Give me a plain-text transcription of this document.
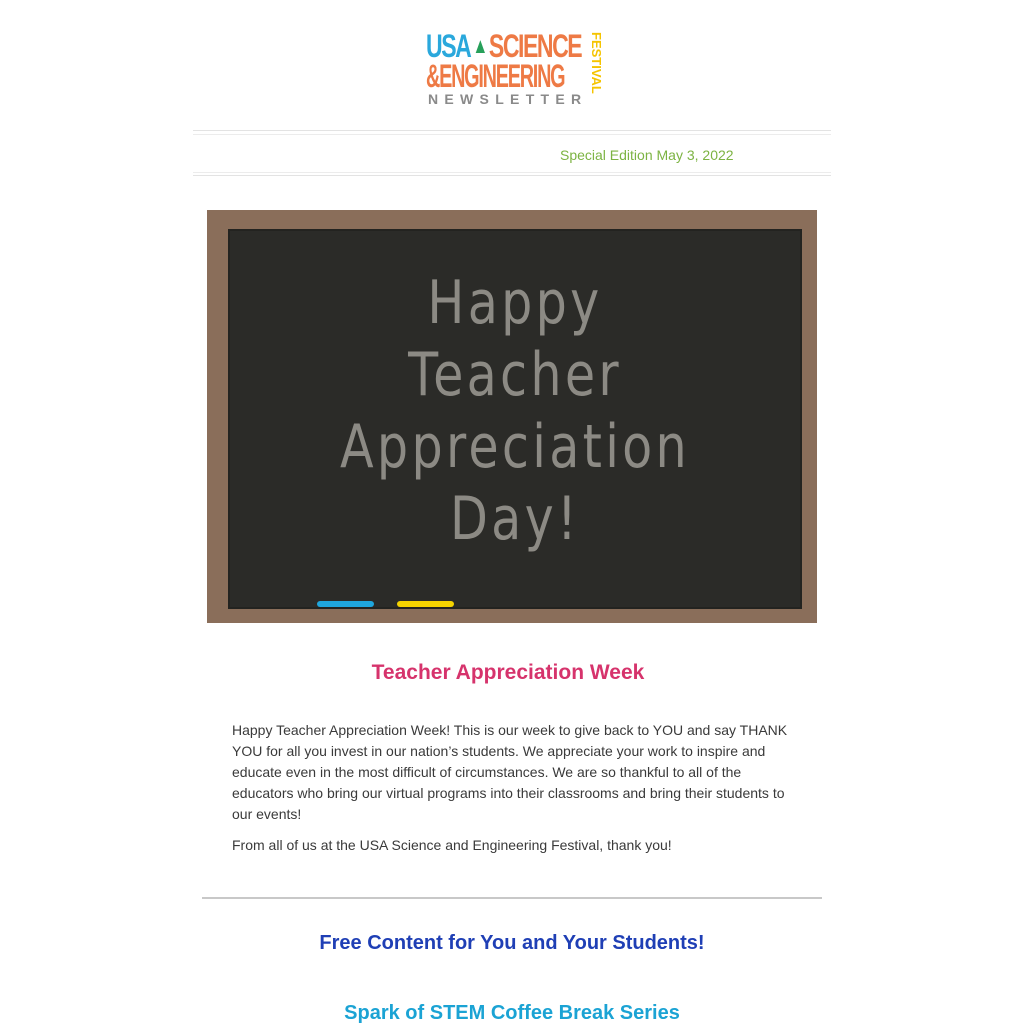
USA ▲ SCIENCE
&ENGINEERING FESTIVAL
NEWSLETTER
Special Edition May 3, 2022
Happy
Teacher
Appreciation
Day!
Teacher Appreciation Week

Happy Teacher Appreciation Week! This is our week to give back to YOU and say THANK YOU for all you invest in our nation’s students. We appreciate your work to inspire and educate even in the most difficult of circumstances. We are so thankful to all of the educators who bring our virtual programs into their classrooms and bring their students to our events!

From all of us at the USA Science and Engineering Festival, thank you!

Free Content for You and Your Students!
Spark of STEM Coffee Break Series
